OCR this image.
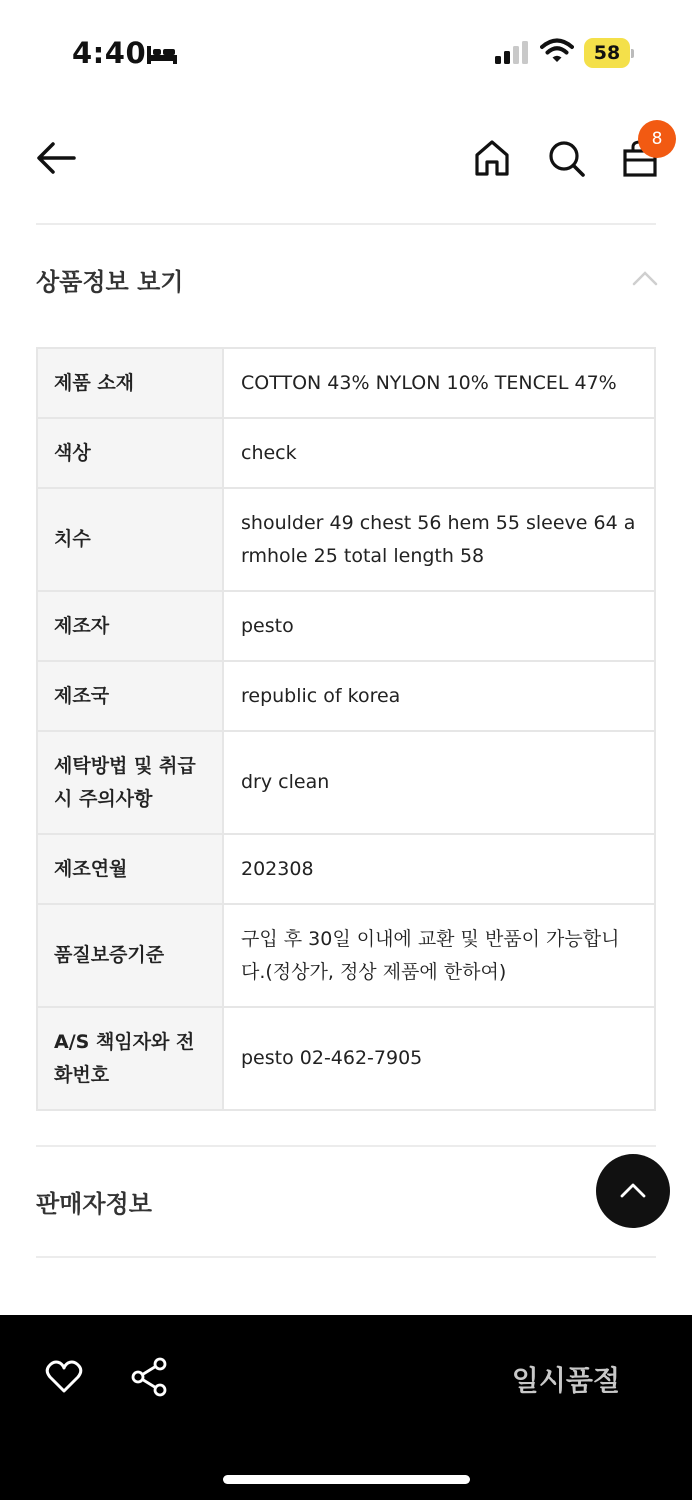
4:40	58
8
상품정보 보기
제품 소재	COTTON 43% NYLON 10% TENCEL 47%
색상	check
치수	shoulder 49 chest 56 hem 55 sleeve 64 armhole 25 total length 58
제조자	pesto
제조국	republic of korea
세탁방법 및 취급시 주의사항	dry clean
제조연월	202308
품질보증기준	구입 후 30일 이내에 교환 및 반품이 가능합니다.(정상가, 정상 제품에 한하여)
A/S 책임자와 전화번호	pesto 02-462-7905
판매자정보
일시품절
